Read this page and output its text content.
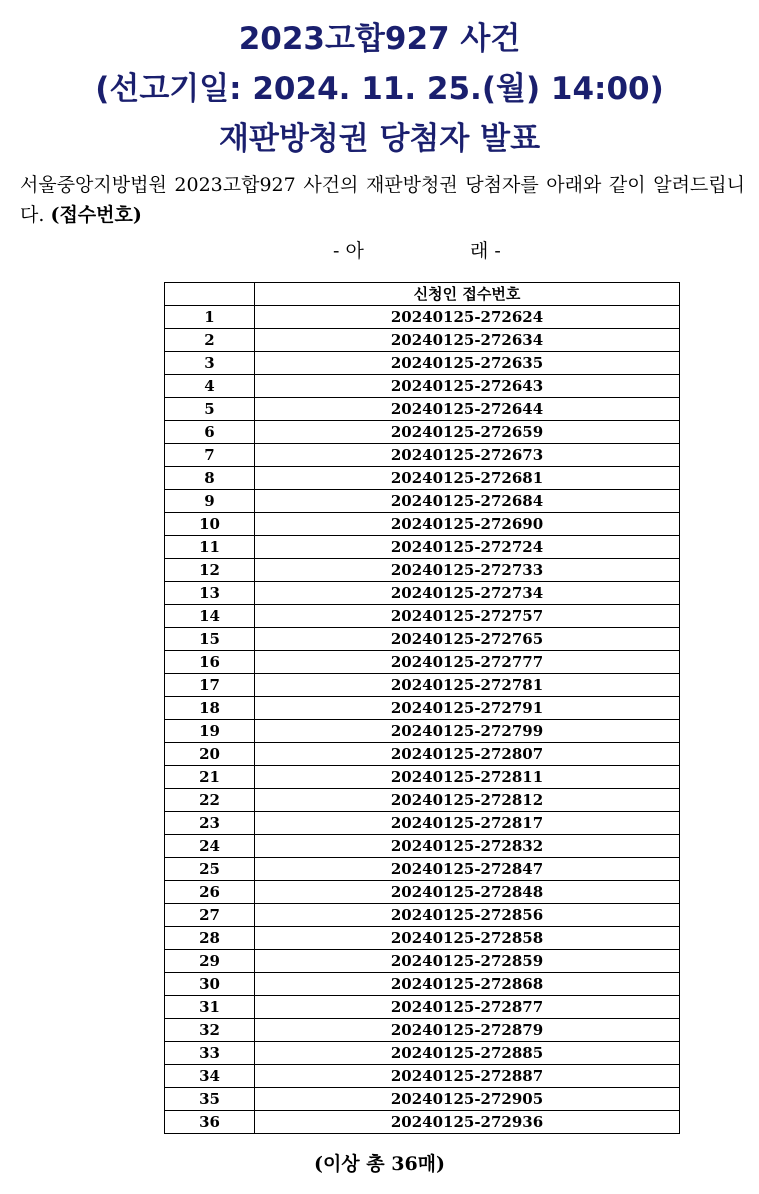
2023고합927 사건
(선고기일: 2024. 11. 25.(월) 14:00)
재판방청권 당첨자 발표
서울중앙지방법원 2023고합927 사건의 재판방청권 당첨자를 아래와 같이 알려드립니다. (접수번호)
- 아	래 -
	신청인 접수번호
1	20240125-272624
2	20240125-272634
3	20240125-272635
4	20240125-272643
5	20240125-272644
6	20240125-272659
7	20240125-272673
8	20240125-272681
9	20240125-272684
10	20240125-272690
11	20240125-272724
12	20240125-272733
13	20240125-272734
14	20240125-272757
15	20240125-272765
16	20240125-272777
17	20240125-272781
18	20240125-272791
19	20240125-272799
20	20240125-272807
21	20240125-272811
22	20240125-272812
23	20240125-272817
24	20240125-272832
25	20240125-272847
26	20240125-272848
27	20240125-272856
28	20240125-272858
29	20240125-272859
30	20240125-272868
31	20240125-272877
32	20240125-272879
33	20240125-272885
34	20240125-272887
35	20240125-272905
36	20240125-272936
(이상 총 36매)
